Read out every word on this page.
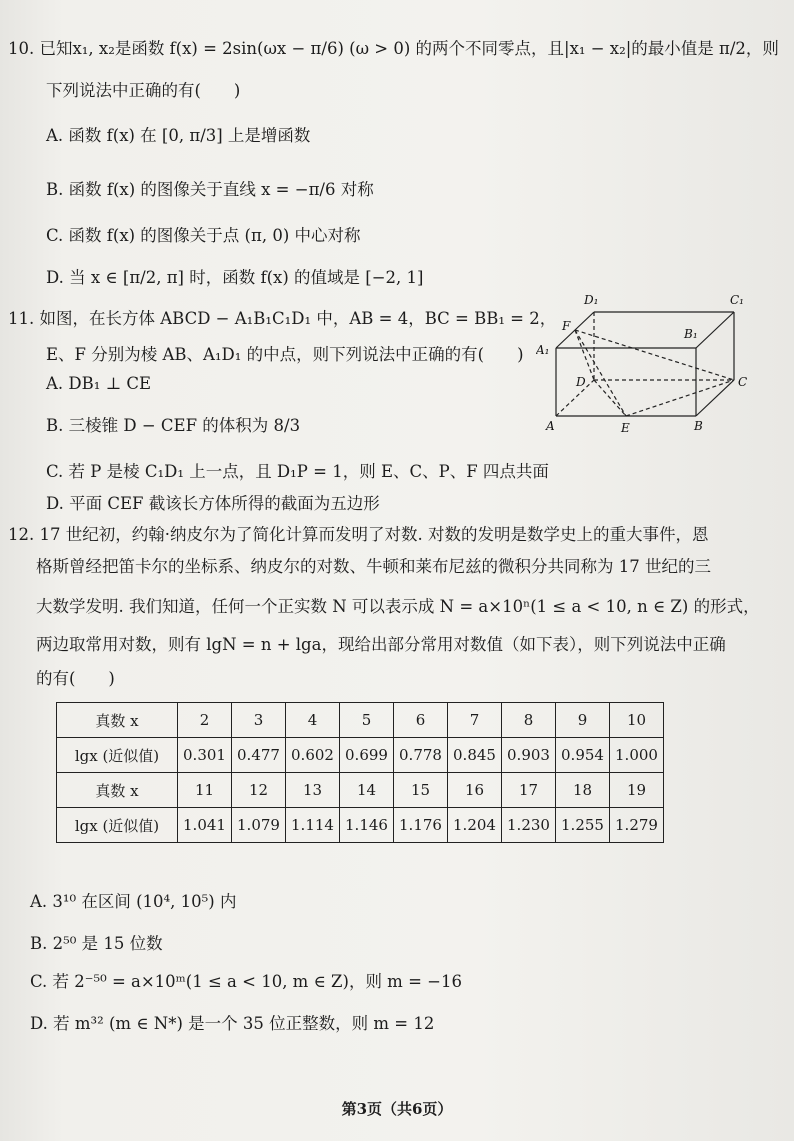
10. 已知x₁, x₂是函数 f(x) = 2sin(ωx − π/6) (ω > 0) 的两个不同零点，且|x₁ − x₂|的最小值是 π/2，则
下列说法中正确的有(　　)
A. 函数 f(x) 在 [0, π/3] 上是增函数
B. 函数 f(x) 的图像关于直线 x = −π/6 对称
C. 函数 f(x) 的图像关于点 (π, 0) 中心对称
D. 当 x ∈ [π/2, π] 时，函数 f(x) 的值域是 [−2, 1]
11. 如图，在长方体 ABCD − A₁B₁C₁D₁ 中，AB = 4，BC = BB₁ = 2，
E、F 分别为棱 AB、A₁D₁ 的中点，则下列说法中正确的有(　　)
A. DB₁ ⊥ CE
B. 三棱锥 D − CEF 的体积为 8/3
C. 若 P 是棱 C₁D₁ 上一点，且 D₁P = 1，则 E、C、P、F 四点共面
D. 平面 CEF 截该长方体所得的截面为五边形
D₁	C₁
A₁
B₁
F
D	C
A	E	B
12. 17 世纪初，约翰·纳皮尔为了简化计算而发明了对数. 对数的发明是数学史上的重大事件，恩
格斯曾经把笛卡尔的坐标系、纳皮尔的对数、牛顿和莱布尼兹的微积分共同称为 17 世纪的三
大数学发明. 我们知道，任何一个正实数 N 可以表示成 N = a×10ⁿ(1 ≤ a < 10, n ∈ Z) 的形式，
两边取常用对数，则有 lgN = n + lga，现给出部分常用对数值（如下表），则下列说法中正确
的有(　　)
真数 x	2	3	4	5	6	7	8	9	10
lgx (近似值)	0.301	0.477	0.602	0.699	0.778	0.845	0.903	0.954	1.000
真数 x	11	12	13	14	15	16	17	18	19
lgx (近似值)	1.041	1.079	1.114	1.146	1.176	1.204	1.230	1.255	1.279
A. 3¹⁰ 在区间 (10⁴, 10⁵) 内
B. 2⁵⁰ 是 15 位数
C. 若 2⁻⁵⁰ = a×10ᵐ(1 ≤ a < 10, m ∈ Z)，则 m = −16
D. 若 m³² (m ∈ N*) 是一个 35 位正整数，则 m = 12
第3页（共6页）
